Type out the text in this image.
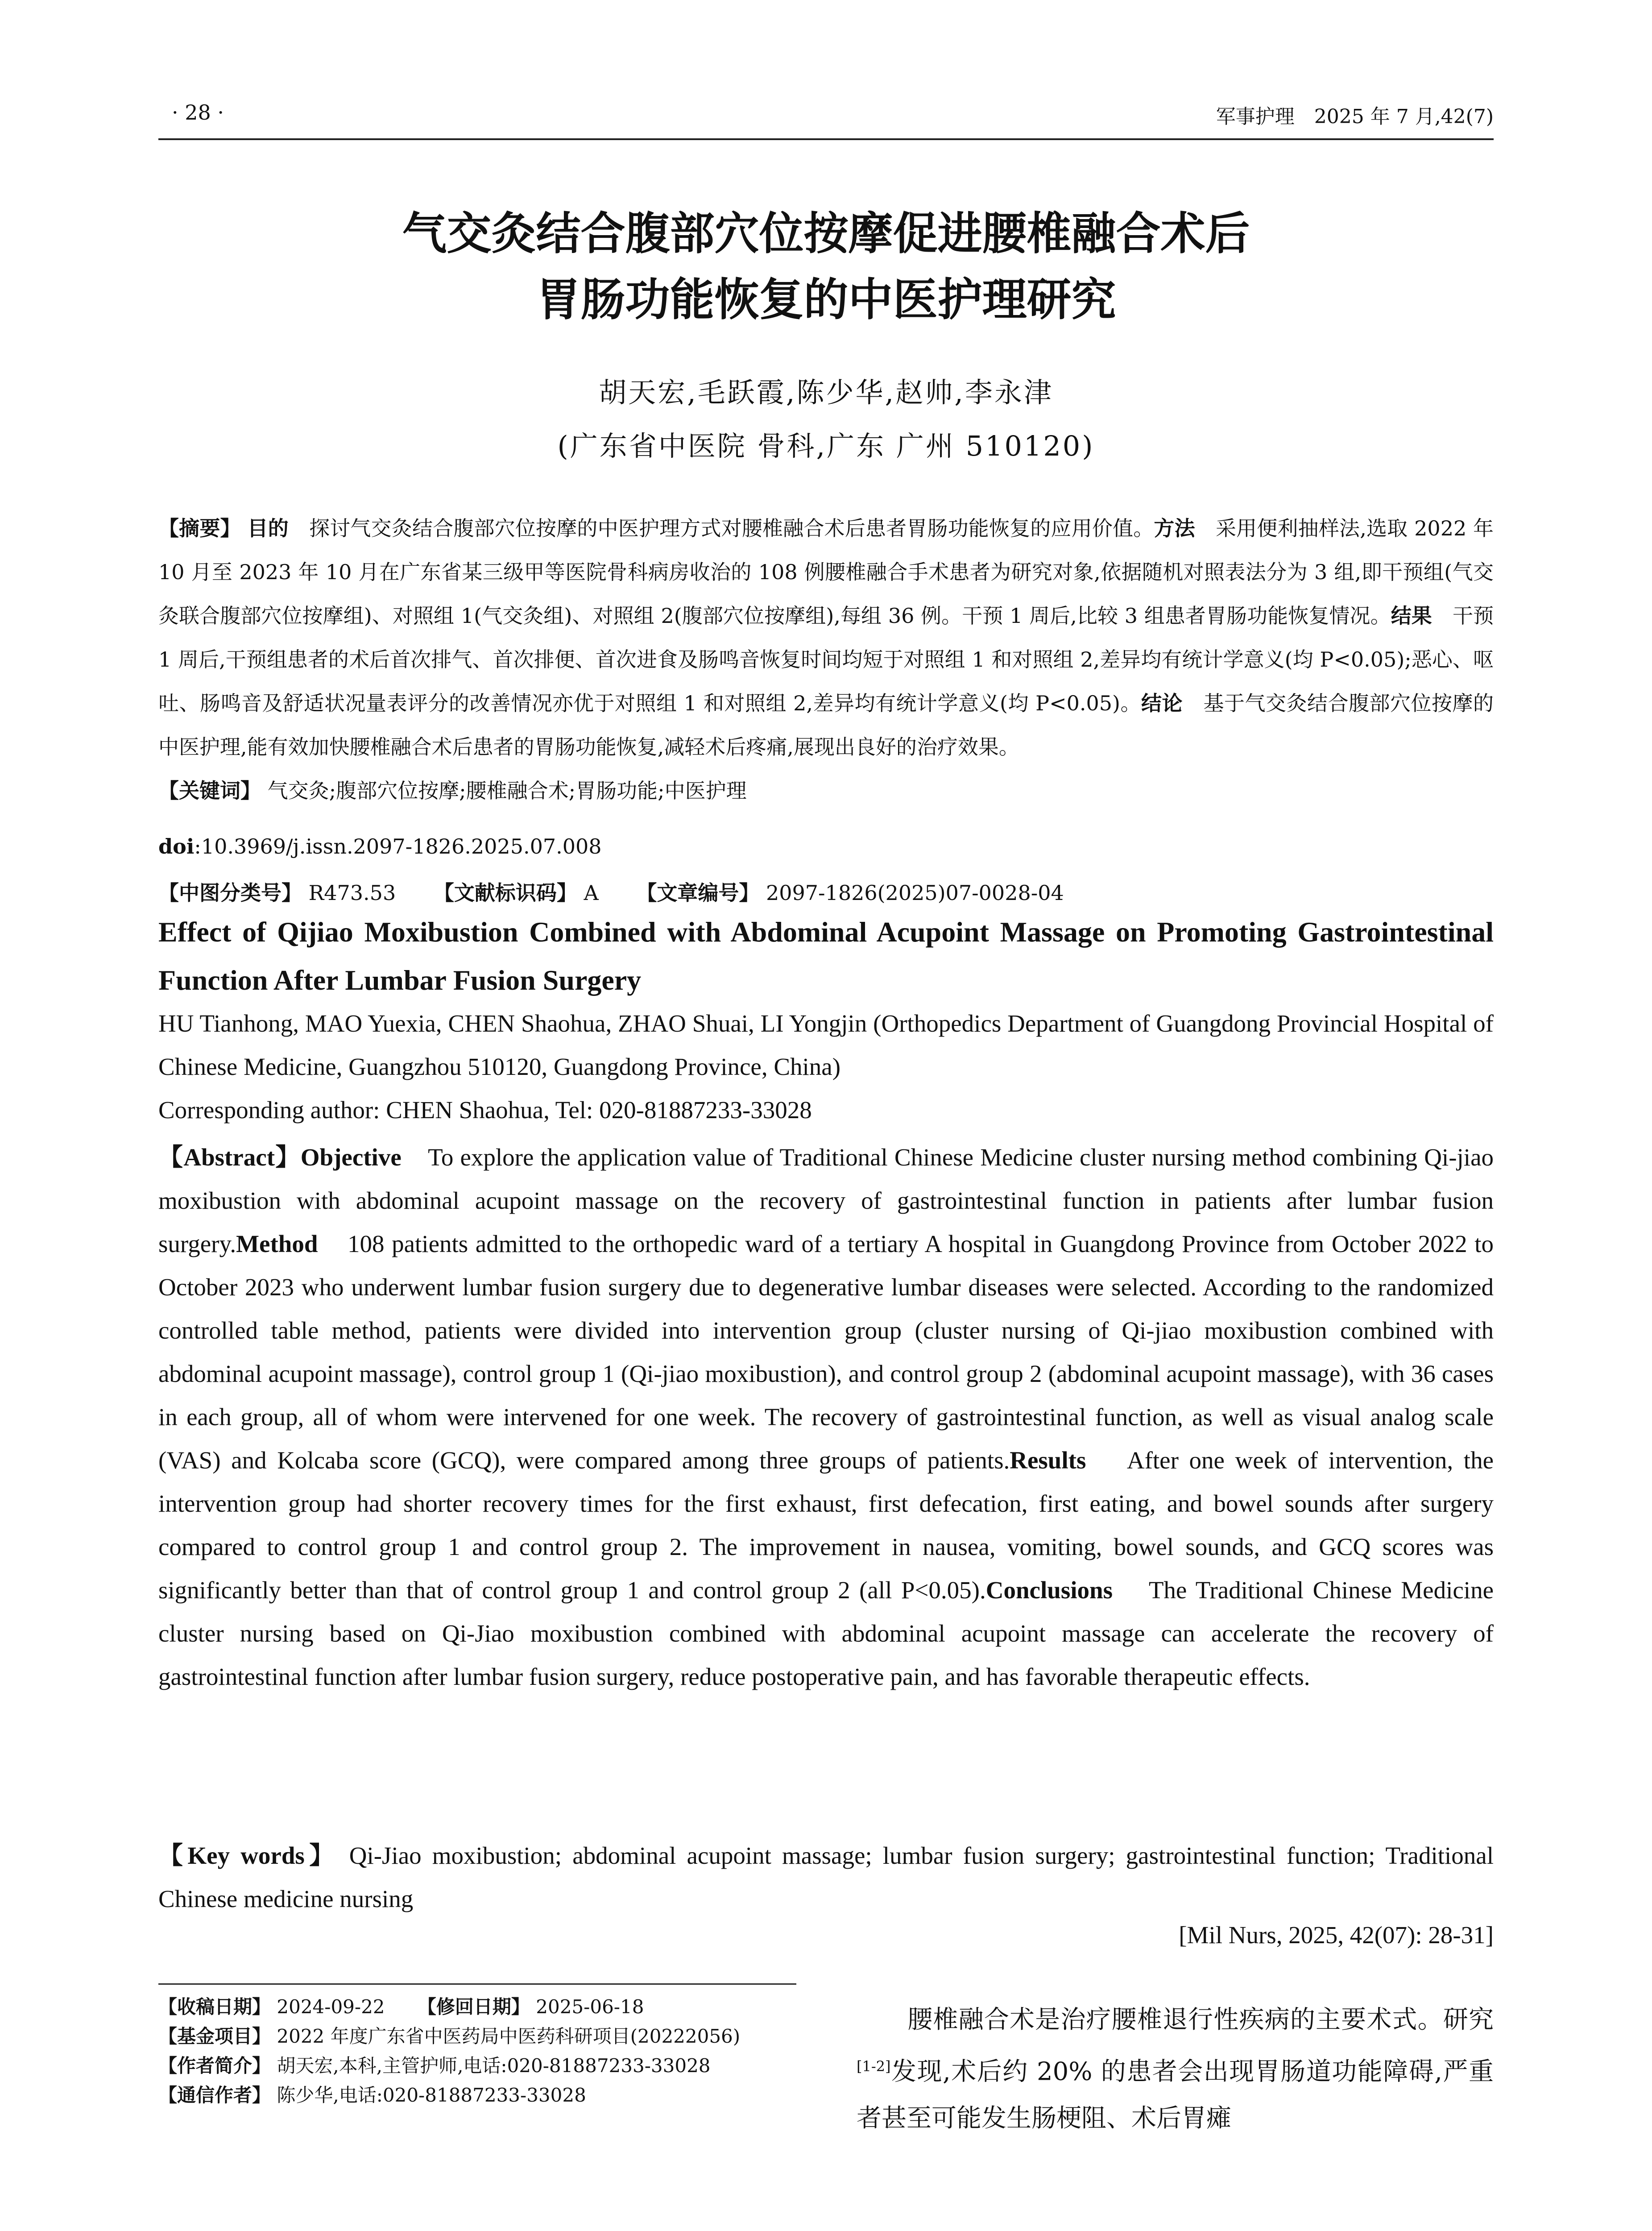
· 28 ·	军事护理　2025 年 7 月,42(7)
气交灸结合腹部穴位按摩促进腰椎融合术后
胃肠功能恢复的中医护理研究
胡天宏,毛跃霞,陈少华,赵帅,李永津
(广东省中医院 骨科,广东 广州 510120)
【摘要】 目的　 探讨气交灸结合腹部穴位按摩的中医护理方式对腰椎融合术后患者胃肠功能恢复的应用价值。方法　 采用便利抽样法,选取 2022 年 10 月至 2023 年 10 月在广东省某三级甲等医院骨科病房收治的 108 例腰椎融合手术患者为研究对象,依据随机对照表法分为 3 组,即干预组(气交灸联合腹部穴位按摩组)、对照组 1(气交灸组)、对照组 2(腹部穴位按摩组),每组 36 例。干预 1 周后,比较 3 组患者胃肠功能恢复情况。结果　 干预 1 周后,干预组患者的术后首次排气、首次排便、首次进食及肠鸣音恢复时间均短于对照组 1 和对照组 2,差异均有统计学意义(均 P<0.05);恶心、呕吐、肠鸣音及舒适状况量表评分的改善情况亦优于对照组 1 和对照组 2,差异均有统计学意义(均 P<0.05)。结论　 基于气交灸结合腹部穴位按摩的中医护理,能有效加快腰椎融合术后患者的胃肠功能恢复,减轻术后疼痛,展现出良好的治疗效果。
【关键词】 气交灸;腹部穴位按摩;腰椎融合术;胃肠功能;中医护理
doi:10.3969/j.issn.2097-1826.2025.07.008
【中图分类号】 R473.53 【文献标识码】 A 【文章编号】 2097-1826(2025)07-0028-04
Effect of Qijiao Moxibustion Combined with Abdominal Acupoint Massage on Promoting Gastrointestinal Function After Lumbar Fusion Surgery
HU Tianhong, MAO Yuexia, CHEN Shaohua, ZHAO Shuai, LI Yongjin (Orthopedics Department of Guangdong Provincial Hospital of Chinese Medicine, Guangzhou 510120, Guangdong Province, China)
Corresponding author: CHEN Shaohua, Tel: 020-81887233-33028
【Abstract】Objective To explore the application value of Traditional Chinese Medicine cluster nursing method combining Qi-jiao moxibustion with abdominal acupoint massage on the recovery of gastrointestinal function in patients after lumbar fusion surgery.Method 108 patients admitted to the orthopedic ward of a tertiary A hospital in Guangdong Province from October 2022 to October 2023 who underwent lumbar fusion surgery due to degenerative lumbar diseases were selected. According to the randomized controlled table method, patients were divided into intervention group (cluster nursing of Qi-jiao moxibustion combined with abdominal acupoint massage), control group 1 (Qi-jiao moxibustion), and control group 2 (abdominal acupoint massage), with 36 cases in each group, all of whom were intervened for one week. The recovery of gastrointestinal function, as well as visual analog scale (VAS) and Kolcaba score (GCQ), were compared among three groups of patients.Results After one week of intervention, the intervention group had shorter recovery times for the first exhaust, first defecation, first eating, and bowel sounds after surgery compared to control group 1 and control group 2. The improvement in nausea, vomiting, bowel sounds, and GCQ scores was significantly better than that of control group 1 and control group 2 (all P<0.05).Conclusions The Traditional Chinese Medicine cluster nursing based on Qi-Jiao moxibustion combined with abdominal acupoint massage can accelerate the recovery of gastrointestinal function after lumbar fusion surgery, reduce postoperative pain, and has favorable therapeutic effects.
【Key words】 Qi-Jiao moxibustion; abdominal acupoint massage; lumbar fusion surgery; gastrointestinal function; Traditional Chinese medicine nursing
[Mil Nurs, 2025, 42(07): 28-31]
【收稿日期】 2024-09-22 【修回日期】 2025-06-18
【基金项目】 2022 年度广东省中医药局中医药科研项目(20222056)
【作者简介】 胡天宏,本科,主管护师,电话:020-81887233-33028
【通信作者】 陈少华,电话:020-81887233-33028
　　腰椎融合术是治疗腰椎退行性疾病的主要术式。研究[1-2]发现,术后约 20% 的患者会出现胃肠道功能障碍,严重者甚至可能发生肠梗阻、术后胃瘫
